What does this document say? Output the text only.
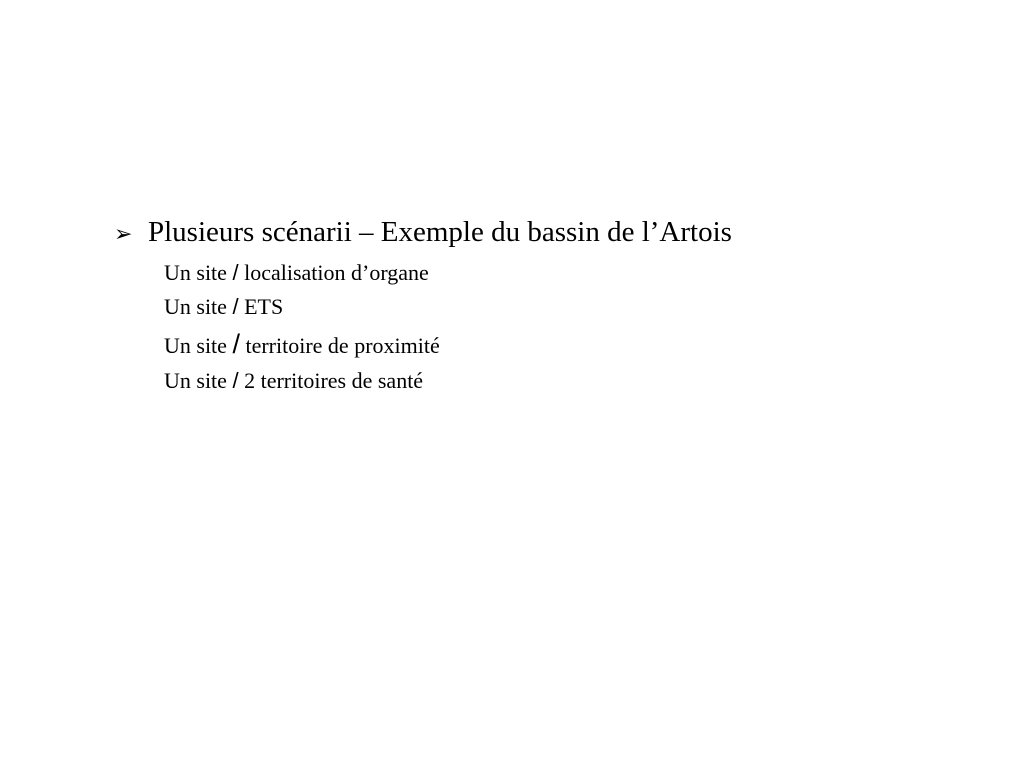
➢ Plusieurs scénarii – Exemple du bassin de l’Artois
Un site / localisation d’organe
Un site / ETS
Un site / territoire de proximité
Un site / 2 territoires de santé
